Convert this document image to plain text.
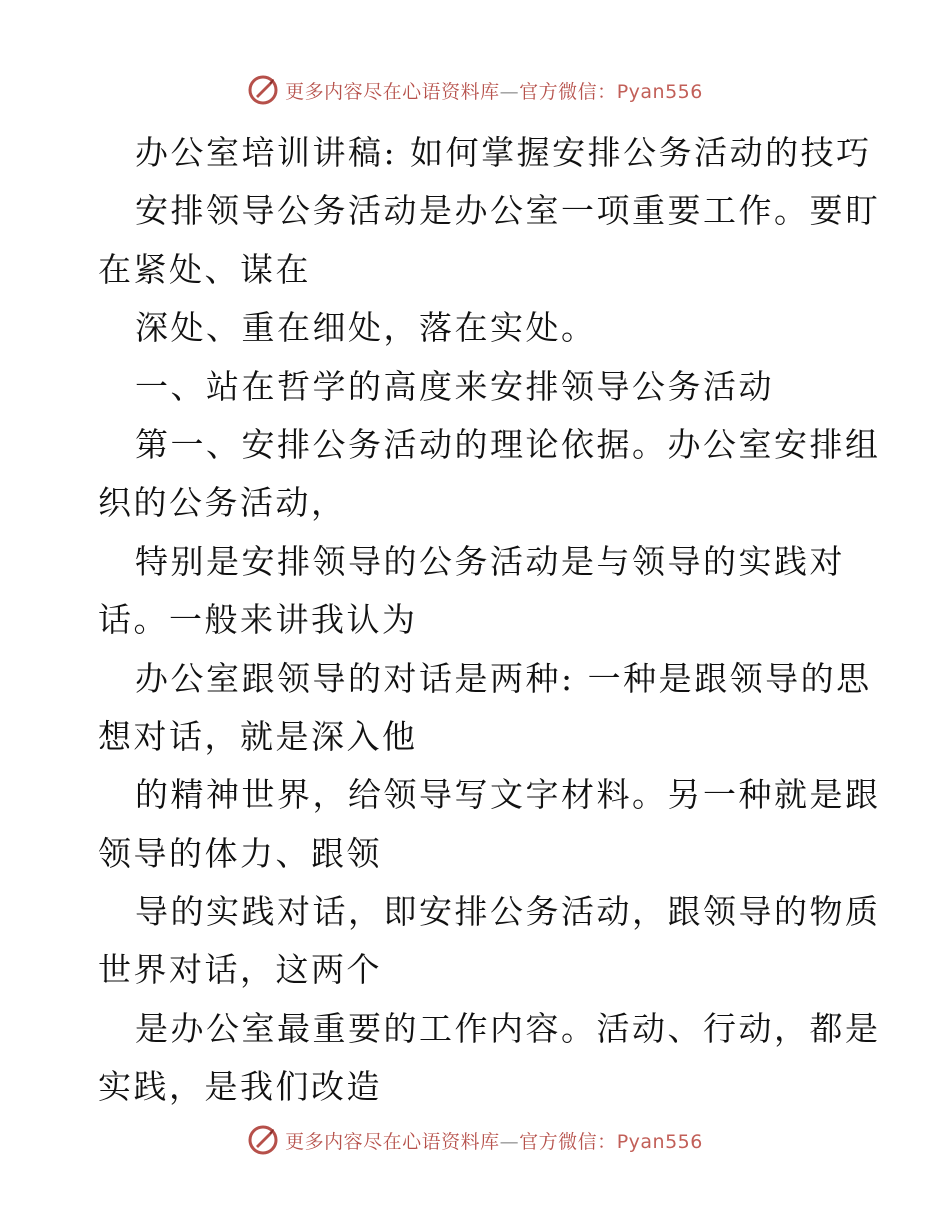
更多内容尽在心语资料库—官方微信：Pyan556
办公室培训讲稿: 如何掌握安排公务活动的技巧
安排领导公务活动是办公室一项重要工作。要盯
在紧处、谋在
深处、重在细处，落在实处。
一、站在哲学的高度来安排领导公务活动
第一、安排公务活动的理论依据。办公室安排组
织的公务活动，
特别是安排领导的公务活动是与领导的实践对
话。一般来讲我认为
办公室跟领导的对话是两种: 一种是跟领导的思
想对话，就是深入他
的精神世界，给领导写文字材料。另一种就是跟
领导的体力、跟领
导的实践对话，即安排公务活动，跟领导的物质
世界对话，这两个
是办公室最重要的工作内容。活动、行动，都是
实践，是我们改造
更多内容尽在心语资料库—官方微信：Pyan556
